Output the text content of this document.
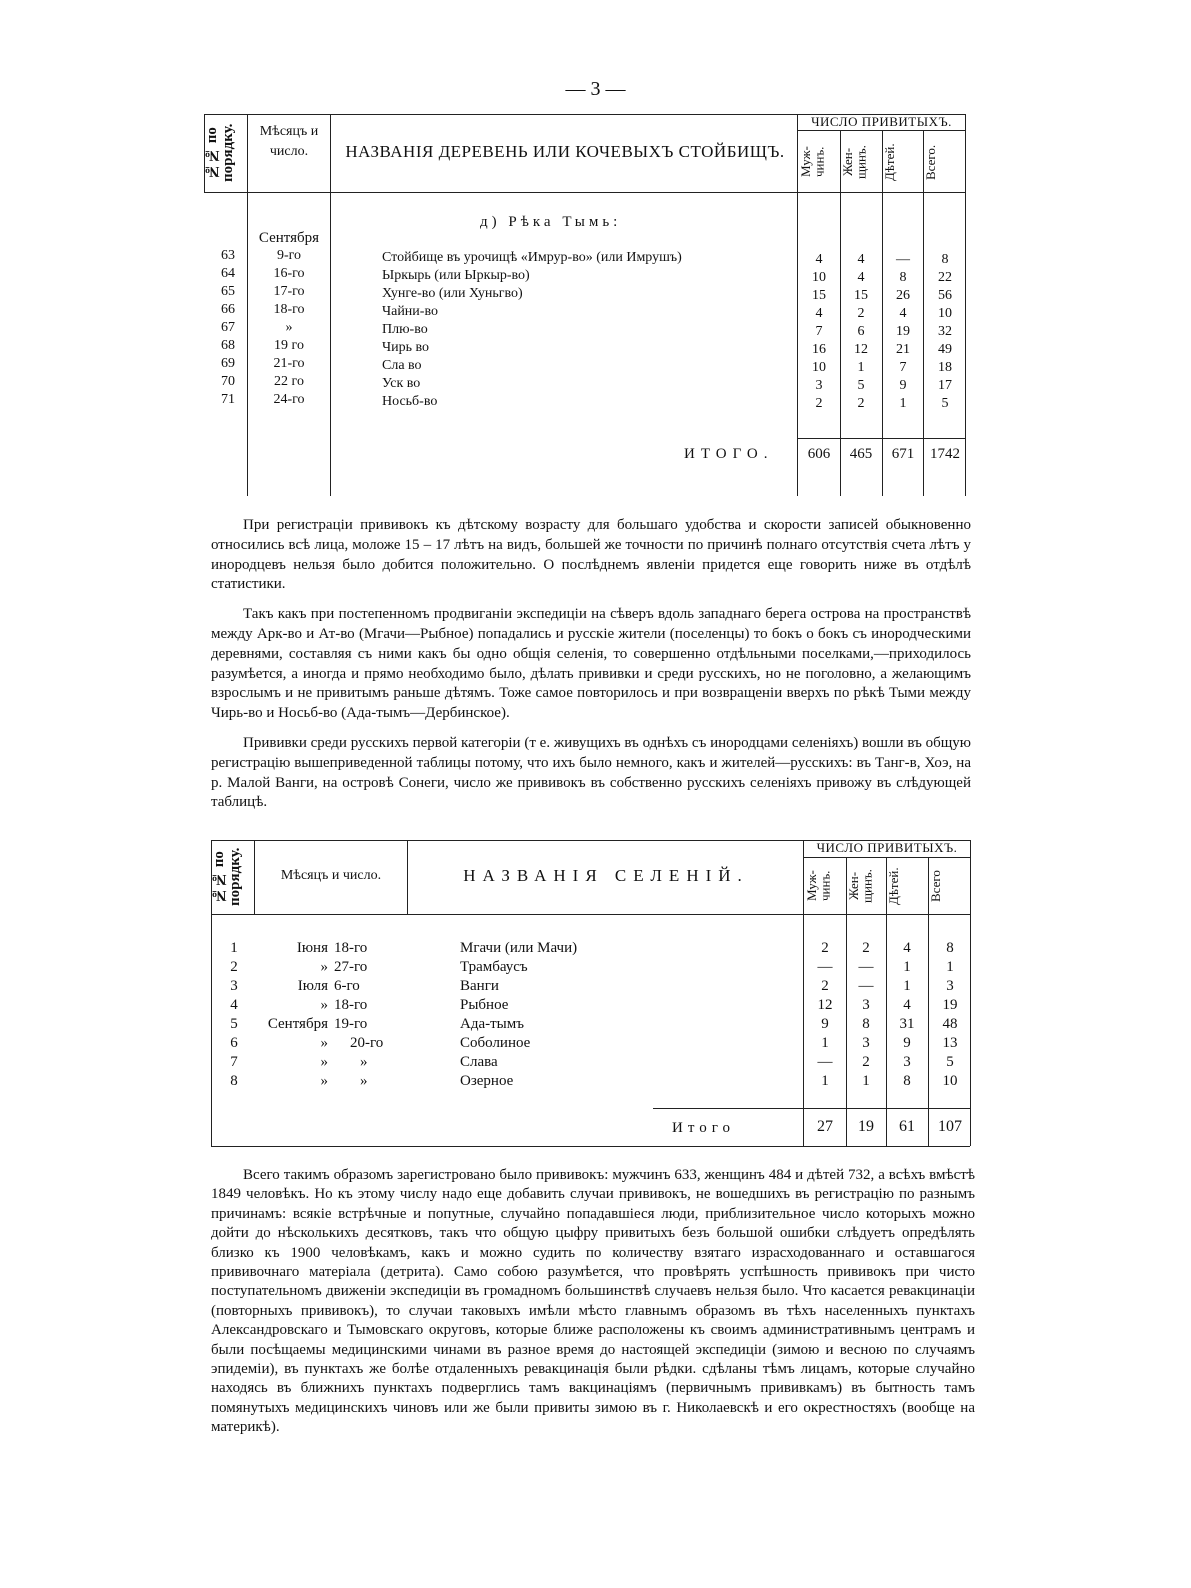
— 3 —
№№ по порядку.	Мѣсяцъ и число.	НАЗВАНІЯ ДЕРЕВЕНЬ ИЛИ КОЧЕВЫХЪ СТОЙБИЩЪ.
ЧИСЛО ПРИВИТЫХЪ.
Муж- чинъ.	Жен- щинъ.	Дѣтей.	Всего.
д) Рѣка Тымь:
Сентября
63	9-го	Стойбище въ урочищѣ «Имрур-во» (или Имрушъ)	4	4	—	8
64	16-го	Ыркырь (или Ыркыр-во)	10	4	8	22
65	17-го	Хунге-во (или Хуньгво)	15	15	26	56
66	18-го	Чайни-во	4	2	4	10
67	»	Плю-во	7	6	19	32
68	19 го	Чирь во	16	12	21	49
69	21-го	Сла во	10	1	7	18
70	22 го	Уск во	3	5	9	17
71	24-го	Носьб-во	2	2	1	5
ИТОГО.	606	465	671	1742

При регистраціи прививокъ къ дѣтскому возрасту для большаго удобства и скорости записей обыкновенно относились всѣ лица, моложе 15 – 17 лѣтъ на видъ, большей же точности по причинѣ полнаго отсутствія счета лѣтъ у инородцевъ нельзя было добится положительно. О послѣднемъ явленіи придется еще говорить ниже въ отдѣлѣ статистики.

Такъ какъ при постепенномъ продвиганіи экспедиціи на сѣверъ вдоль западнаго берега острова на пространствѣ между Арк-во и Ат-во (Мгачи—Рыбное) попадались и русскіе жители (поселенцы) то бокъ о бокъ съ инородческими деревнями, составляя съ ними какъ бы одно общія селенія, то совершенно отдѣльными поселками,—приходилось разумѣется, а иногда и прямо необходимо было, дѣлать прививки и среди русскихъ, но не поголовно, а желающимъ взрослымъ и не привитымъ раньше дѣтямъ. Тоже самое повторилось и при возвращеніи вверхъ по рѣкѣ Тыми между Чирь-во и Носьб-во (Ада-тымъ—Дербинское).

Прививки среди русскихъ первой категоріи (т е. живущихъ въ однѣхъ съ инородцами селеніяхъ) вошли въ общую регистрацію вышеприведенной таблицы потому, что ихъ было немного, какъ и жителей—русскихъ: въ Танг-в, Хоэ, на р. Малой Ванги, на островѣ Сонеги, число же прививокъ въ собственно русскихъ селеніяхъ привожу въ слѣдующей таблицѣ.

№№ по порядку.	Мѣсяцъ и число.	НАЗВАНІЯ СЕЛЕНІЙ.
ЧИСЛО ПРИВИТЫХЪ.
Муж- чинъ.	Жен- щинъ. Дѣтей.	Всего
1	Іюня 18-го	Мгачи (или Мачи)	2	2	4	8
2	» 27-го	Трамбаусъ	—	—	1	1
3	Іюля 6-го	Ванги	2	—	1	3
4	» 18-го	Рыбное	12	3	4	19
5	Сентября 19-го	Ада-тымъ	9	8	31	48
6	» 20-го	Соболиное	1	3	9	13
7	» »	Слава	—	2	3	5
8	» »	Озерное	1	1	8	10
Итого	27	19	61	107

Всего такимъ образомъ зарегистровано было прививокъ: мужчинъ 633, женщинъ 484 и дѣтей 732, а всѣхъ вмѣстѣ 1849 человѣкъ. Но къ этому числу надо еще добавить случаи прививокъ, не вошедшихъ въ регистрацію по разнымъ причинамъ: всякіе встрѣчные и попутные, случайно попадавшіеся люди, приблизительное число которыхъ можно дойти до нѣсколькихъ десятковъ, такъ что общую цыфру привитыхъ безъ большой ошибки слѣдуетъ опредѣлять близко къ 1900 человѣкамъ, какъ и можно судить по количеству взятаго израсходованнаго и оставшагося прививочнаго матеріала (детрита). Само собою разумѣется, что провѣрять успѣшность прививокъ при чисто поступательномъ движеніи экспедиціи въ громадномъ большинствѣ случаевъ нельзя было. Что касается ревакцинаціи (повторныхъ прививокъ), то случаи таковыхъ имѣли мѣсто главнымъ образомъ въ тѣхъ населенныхъ пунктахъ Александровскаго и Тымовскаго округовъ, которые ближе расположены къ своимъ административнымъ центрамъ и были посѣщаемы медицинскими чинами въ разное время до настоящей экспедиціи (зимою и весною по случаямъ эпидеміи), въ пунктахъ же болѣе отдаленныхъ ревакцинація были рѣдки. сдѣланы тѣмъ лицамъ, которые случайно находясь въ ближнихъ пунктахъ подверглись тамъ вакцинаціямъ (первичнымъ прививкамъ) въ бытность тамъ помянутыхъ медицинскихъ чиновъ или же были привиты зимою въ г. Николаевскѣ и его окрестностяхъ (вообще на материкѣ).
